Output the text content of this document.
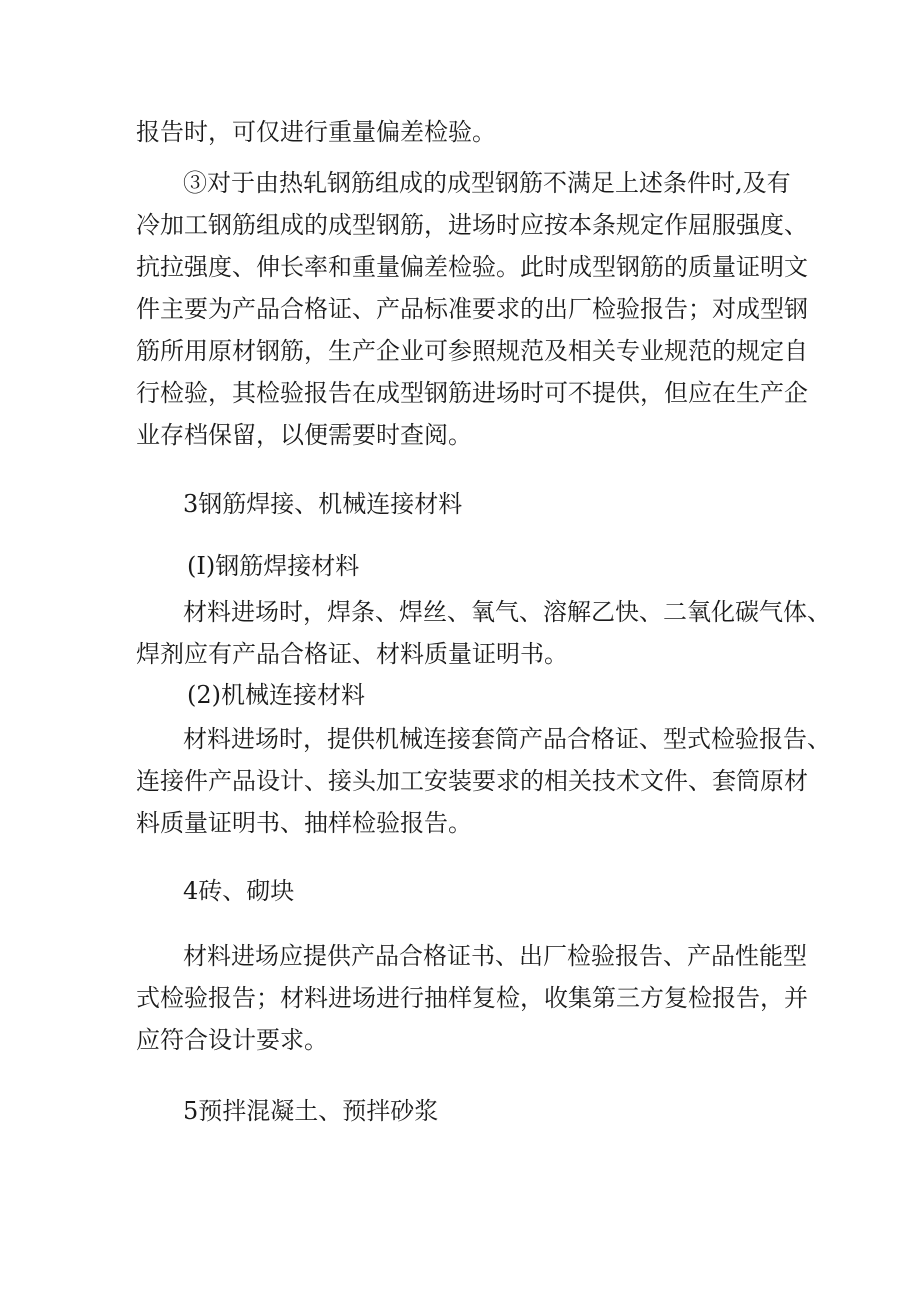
报告时，可仅进行重量偏差检验。

③对于由热轧钢筋组成的成型钢筋不满足上述条件时,及有

冷加工钢筋组成的成型钢筋，进场时应按本条规定作屈服强度、

抗拉强度、伸长率和重量偏差检验。此时成型钢筋的质量证明文

件主要为产品合格证、产品标准要求的出厂检验报告；对成型钢

筋所用原材钢筋，生产企业可参照规范及相关专业规范的规定自

行检验，其检验报告在成型钢筋进场时可不提供，但应在生产企

业存档保留，以便需要时查阅。

3钢筋焊接、机械连接材料

(I)钢筋焊接材料

材料进场时，焊条、焊丝、氧气、溶解乙快、二氧化碳气体、

焊剂应有产品合格证、材料质量证明书。

(2)机械连接材料

材料进场时，提供机械连接套筒产品合格证、型式检验报告、

连接件产品设计、接头加工安装要求的相关技术文件、套筒原材

料质量证明书、抽样检验报告。

4砖、砌块

材料进场应提供产品合格证书、出厂检验报告、产品性能型

式检验报告；材料进场进行抽样复检，收集第三方复检报告，并

应符合设计要求。

5预拌混凝土、预拌砂浆
